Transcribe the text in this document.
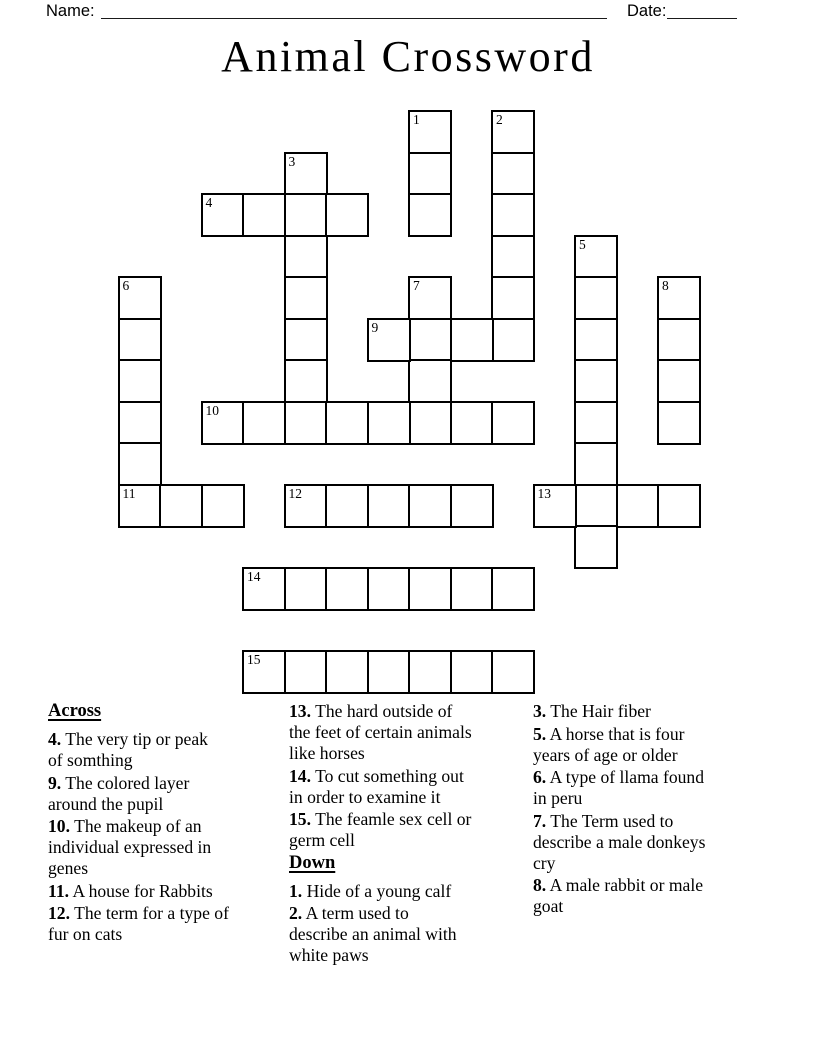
Name:	Date:
Animal Crossword
1	2
3
4
5
6
11
7	8
9
10
12	13
14
15
Across
4. The very tip or peak
of somthing
9. The colored layer
around the pupil
10. The makeup of an
individual expressed in
genes
11. A house for Rabbits
12. The term for a type of
fur on cats
13. The hard outside of
the feet of certain animals
like horses
14. To cut something out
in order to examine it
15. The feamle sex cell or
germ cell
Down
1. Hide of a young calf
2. A term used to
describe an animal with
white paws
3. The Hair fiber
5. A horse that is four
years of age or older
6. A type of llama found
in peru
7. The Term used to
describe a male donkeys
cry
8. A male rabbit or male
goat
